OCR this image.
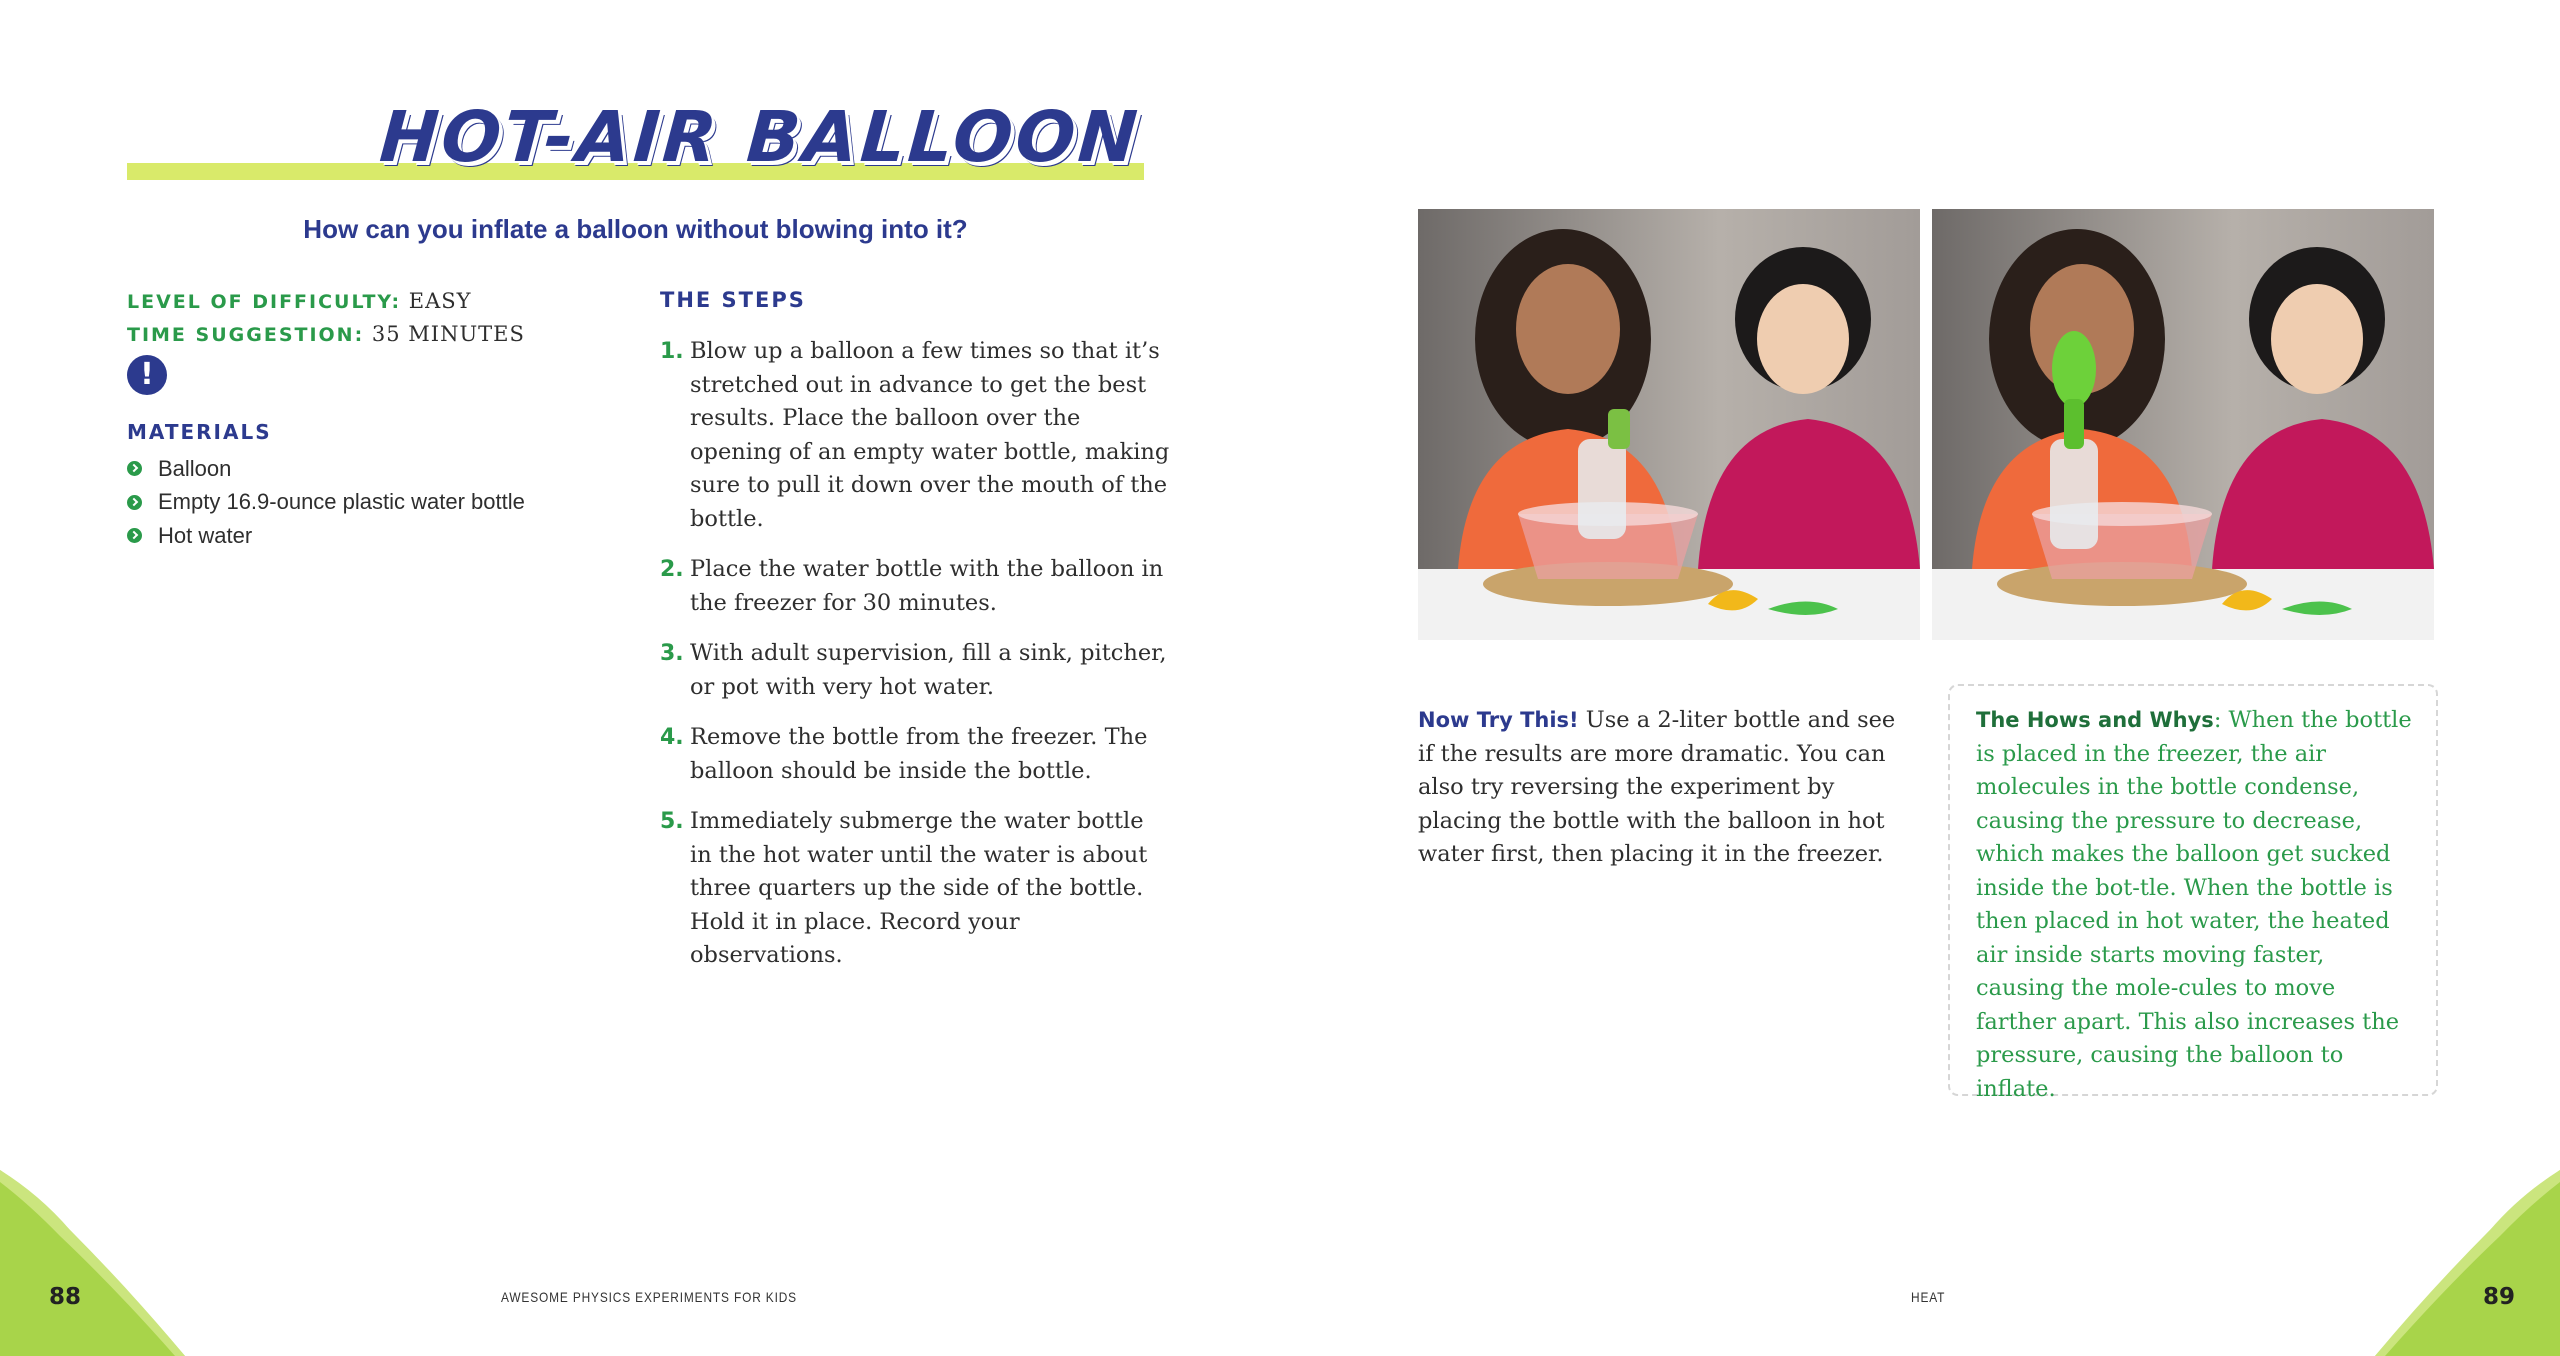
HOT-AIR BALLOON
How can you inflate a balloon without blowing into it?
LEVEL OF DIFFICULTY: EASY
TIME SUGGESTION: 35 MINUTES
!
MATERIALS
Balloon
Empty 16.9-ounce plastic water bottle
Hot water
THE STEPS
1. Blow up a balloon a few times so that it’s stretched out in advance to get the best results. Place the balloon over the opening of an empty water bottle, making sure to pull it down over the mouth of the bottle.
2. Place the water bottle with the balloon in the freezer for 30 minutes.
3. With adult supervision, fill a sink, pitcher, or pot with very hot water.
4. Remove the bottle from the freezer. The balloon should be inside the bottle.
5. Immediately submerge the water bottle in the hot water until the water is about three quarters up the side of the bottle. Hold it in place. Record your observations.
Now Try This! Use a 2-liter bottle and see if the results are more dramatic. You can also try reversing the experiment by placing the bottle with the balloon in hot water first, then placing it in the freezer.
The Hows and Whys: When the bottle is placed in the freezer, the air molecules in the bottle condense, causing the pressure to decrease, which makes the balloon get sucked inside the bot-tle. When the bottle is then placed in hot water, the heated air inside starts moving faster, causing the mole-cules to move farther apart. This also increases the pressure, causing the balloon to inflate.
88	AWESOME PHYSICS EXPERIMENTS FOR KIDS	HEAT	89
